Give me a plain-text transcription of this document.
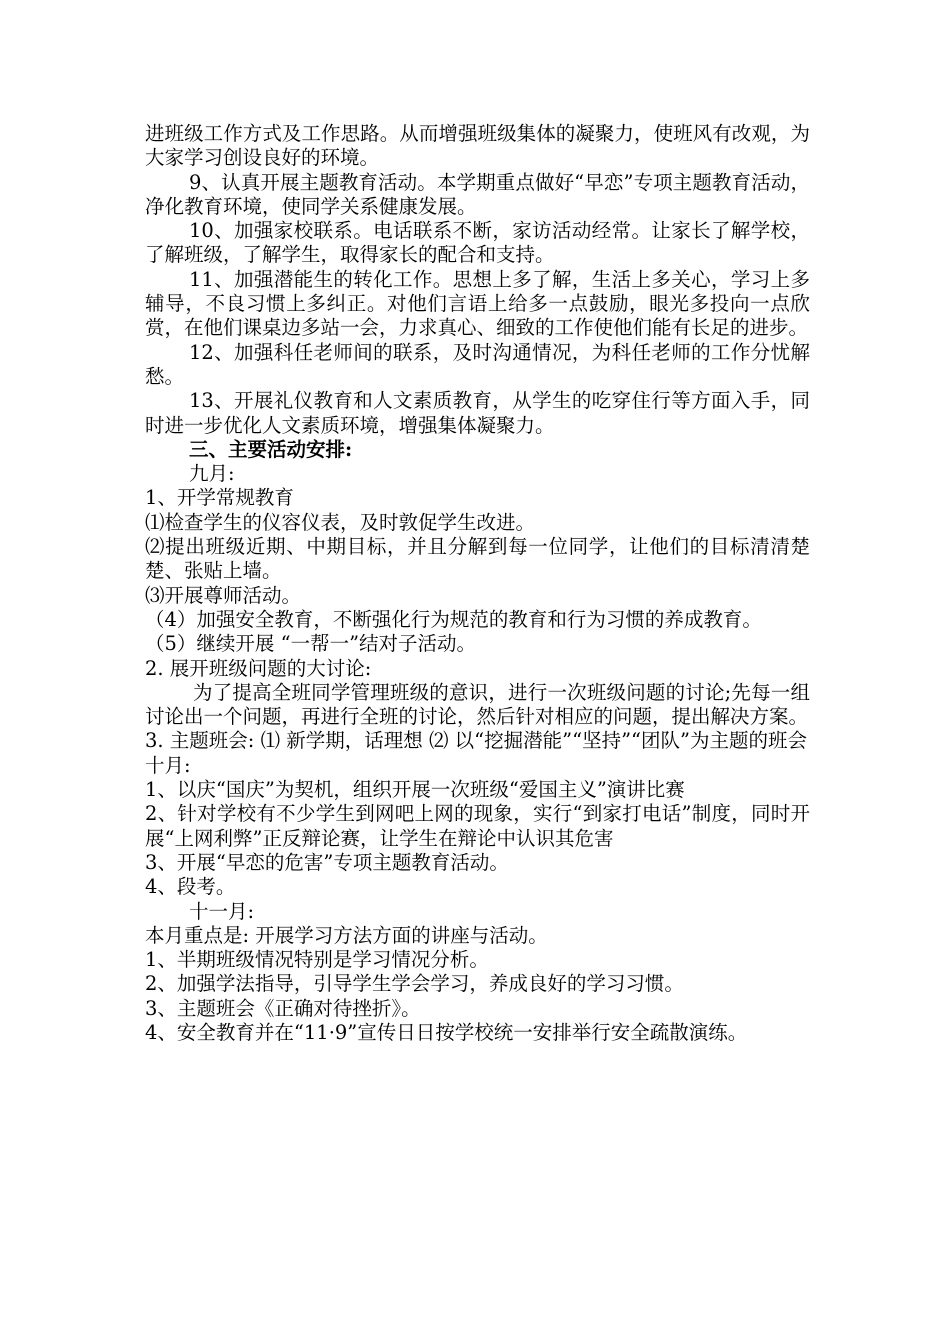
进班级工作方式及工作思路。从而增强班级集体的凝聚力，使班风有改观，为大家学习创设良好的环境。

9、认真开展主题教育活动。本学期重点做好“早恋”专项主题教育活动，净化教育环境，使同学关系健康发展。

10、加强家校联系。电话联系不断，家访活动经常。让家长了解学校，了解班级，了解学生，取得家长的配合和支持。

11、加强潜能生的转化工作。思想上多了解，生活上多关心，学习上多辅导，不良习惯上多纠正。对他们言语上给多一点鼓励，眼光多投向一点欣赏，在他们课桌边多站一会，力求真心、细致的工作使他们能有长足的进步。

12、加强科任老师间的联系，及时沟通情况，为科任老师的工作分忧解愁。

13、开展礼仪教育和人文素质教育，从学生的吃穿住行等方面入手，同时进一步优化人文素质环境，增强集体凝聚力。

三、主要活动安排:

九月:

1、开学常规教育

⑴检查学生的仪容仪表，及时敦促学生改进。

⑵提出班级近期、中期目标，并且分解到每一位同学，让他们的目标清清楚楚、张贴上墙。

⑶开展尊师活动。

（4）加强安全教育，不断强化行为规范的教育和行为习惯的养成教育。

（5）继续开展 “一帮一”结对子活动。

2. 展开班级问题的大讨论:

为了提高全班同学管理班级的意识，进行一次班级问题的讨论;先每一组讨论出一个问题，再进行全班的讨论，然后针对相应的问题，提出解决方案。

3. 主题班会: ⑴ 新学期，话理想 ⑵ 以“挖掘潜能”“坚持”“团队”为主题的班会

十月:

1、以庆“国庆”为契机，组织开展一次班级“爱国主义”演讲比赛

2、针对学校有不少学生到网吧上网的现象，实行“到家打电话”制度，同时开展“上网利弊”正反辩论赛，让学生在辩论中认识其危害

3、开展“早恋的危害”专项主题教育活动。

4、段考。

十一月:

本月重点是: 开展学习方法方面的讲座与活动。

1、半期班级情况特别是学习情况分析。

2、加强学法指导，引导学生学会学习，养成良好的学习习惯。

3、主题班会《正确对待挫折》。

4、安全教育并在“11·9”宣传日日按学校统一安排举行安全疏散演练。
